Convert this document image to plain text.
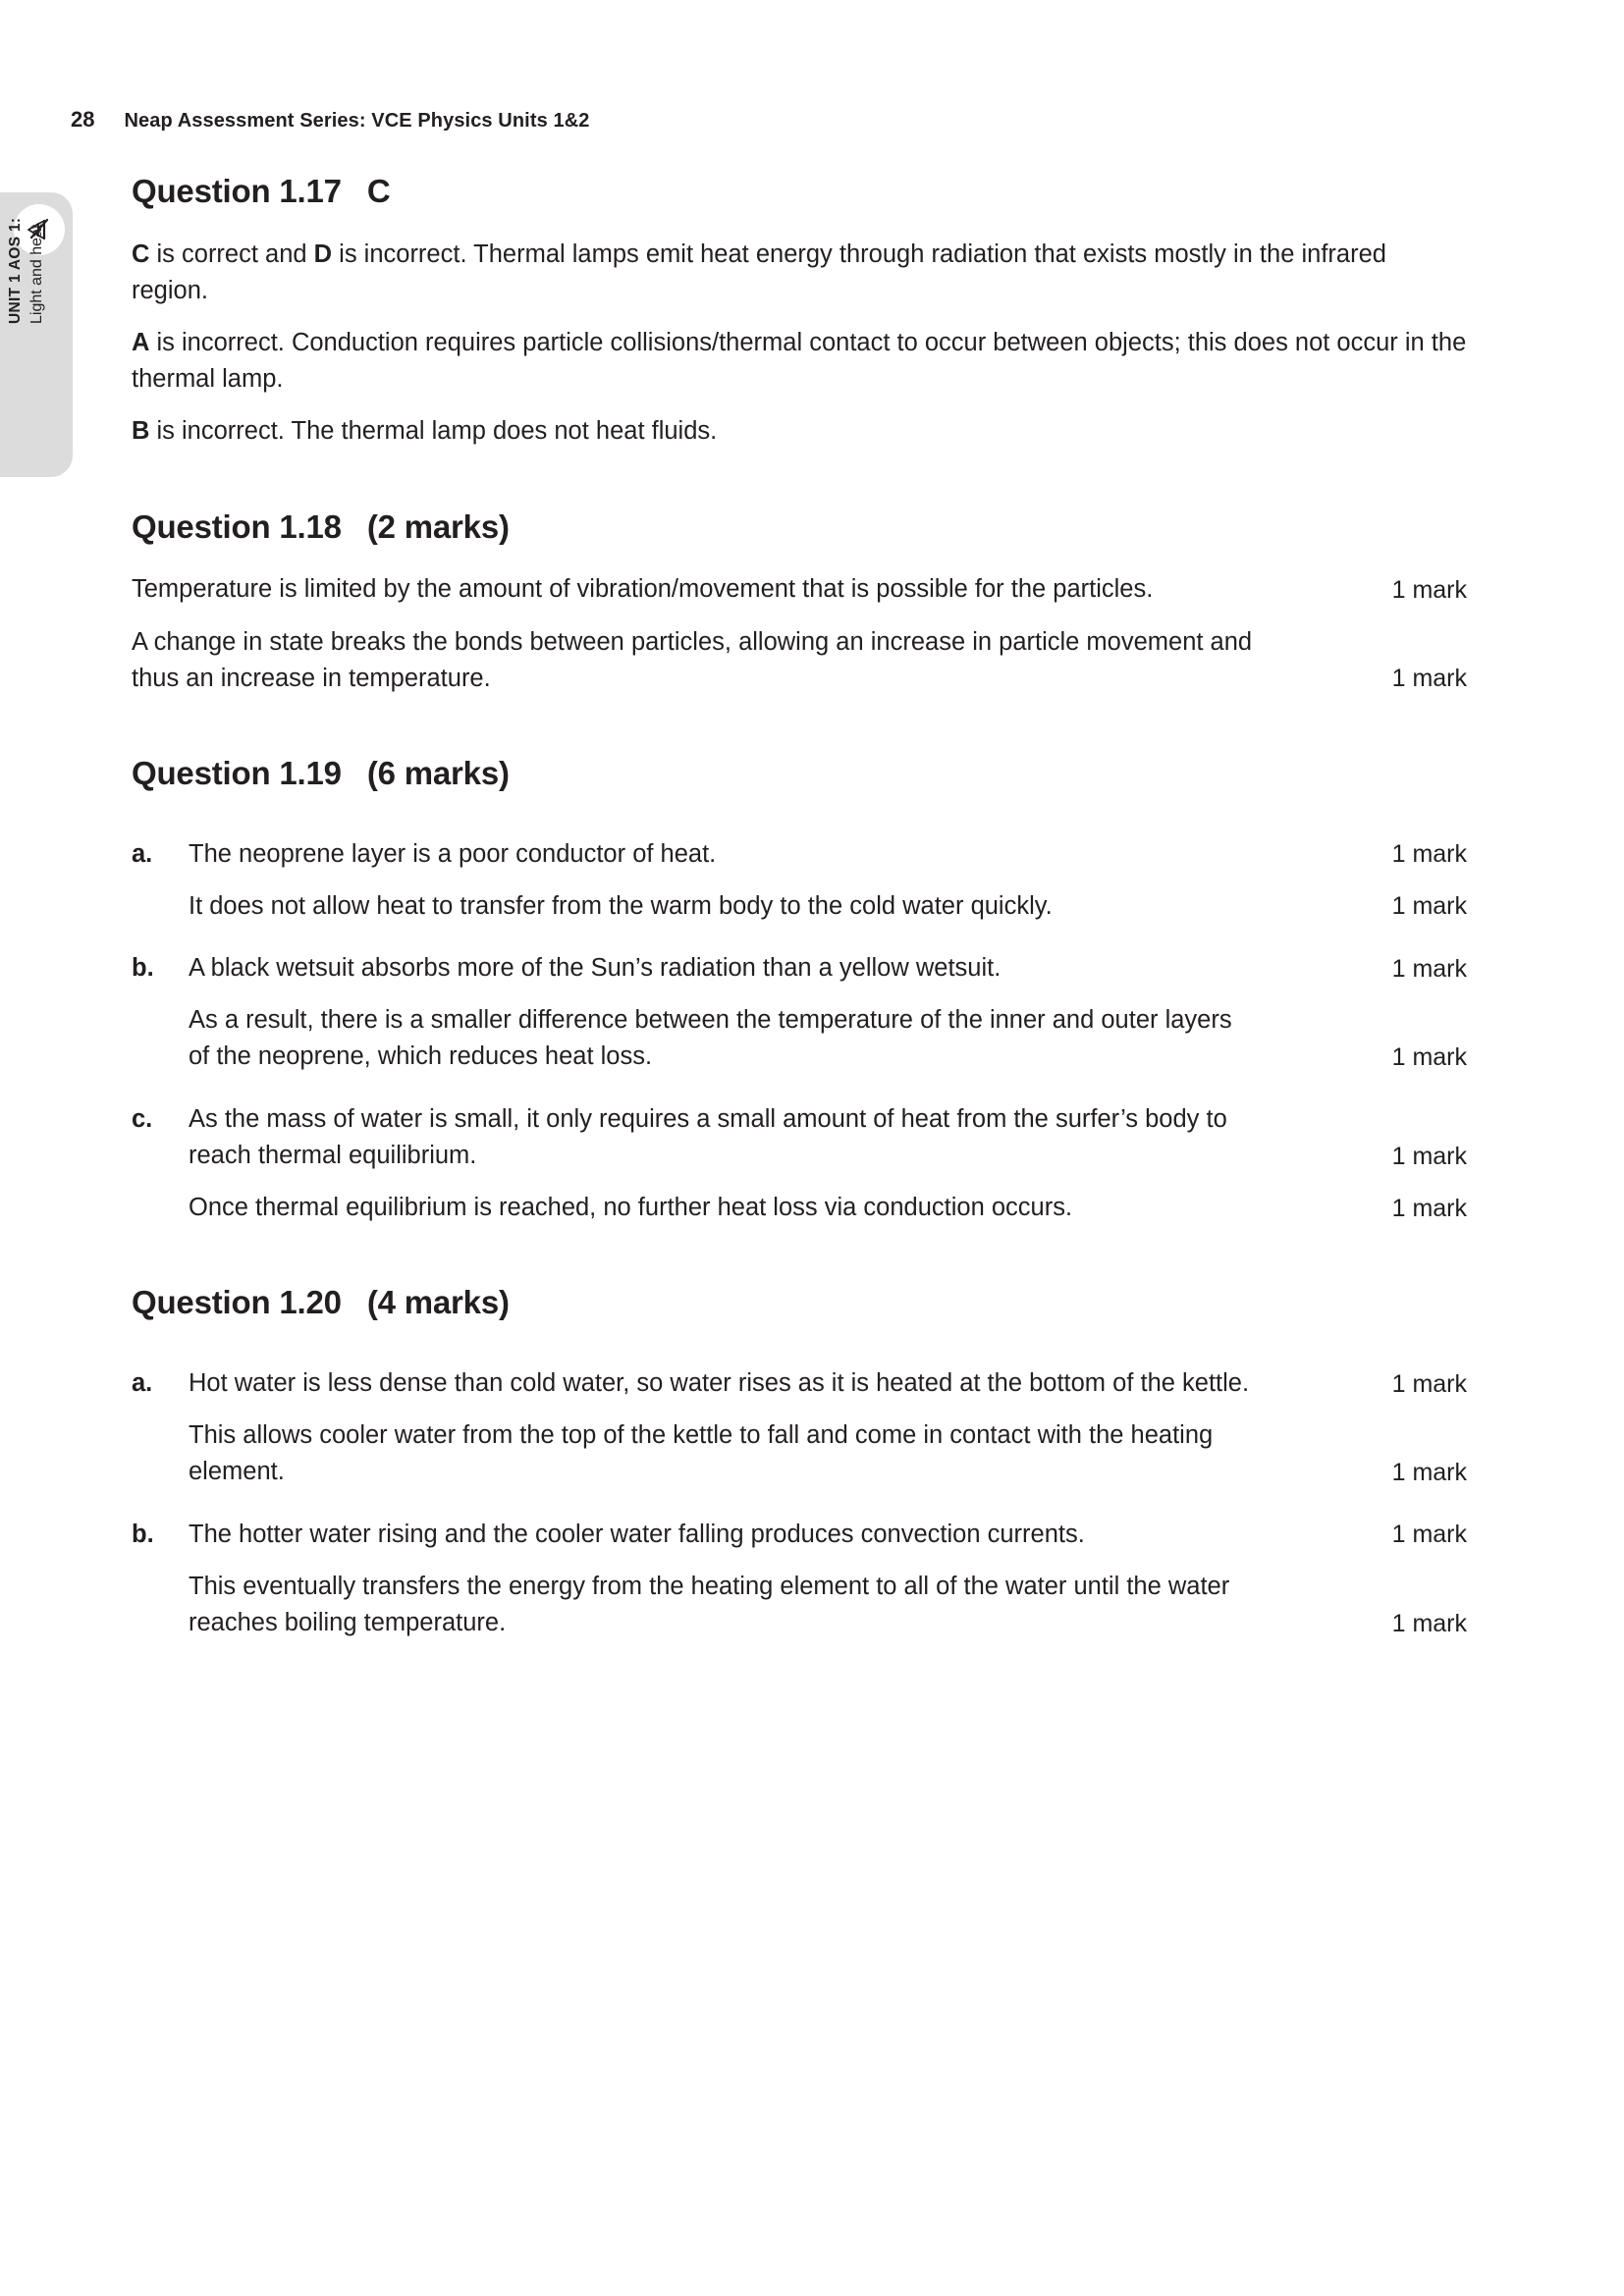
UNIT 1 AOS 1: Light and heat
28 Neap Assessment Series: VCE Physics Units 1&2
Question 1.17 C

C is correct and D is incorrect. Thermal lamps emit heat energy through radiation that exists mostly in the infrared region.

A is incorrect. Conduction requires particle collisions/thermal contact to occur between objects; this does not occur in the thermal lamp.

B is incorrect. The thermal lamp does not heat fluids.

Question 1.18 (2 marks)

Temperature is limited by the amount of vibration/movement that is possible for the particles.	1 mark

A change in state breaks the bonds between particles, allowing an increase in particle movement and thus an increase in temperature.	1 mark
Question 1.19 (6 marks)
a.	The neoprene layer is a poor conductor of heat.	1 mark

It does not allow heat to transfer from the warm body to the cold water quickly.	1 mark
b.	A black wetsuit absorbs more of the Sun’s radiation than a yellow wetsuit.	1 mark

As a result, there is a smaller difference between the temperature of the inner and outer layers of the neoprene, which reduces heat loss.	1 mark
c.	As the mass of water is small, it only requires a small amount of heat from the surfer’s body to reach thermal equilibrium.	1 mark

Once thermal equilibrium is reached, no further heat loss via conduction occurs.	1 mark
Question 1.20 (4 marks)
a.	Hot water is less dense than cold water, so water rises as it is heated at the bottom of the kettle.	1 mark

This allows cooler water from the top of the kettle to fall and come in contact with the heating element.	1 mark
b.	The hotter water rising and the cooler water falling produces convection currents.	1 mark

This eventually transfers the energy from the heating element to all of the water until the water reaches boiling temperature.	1 mark
